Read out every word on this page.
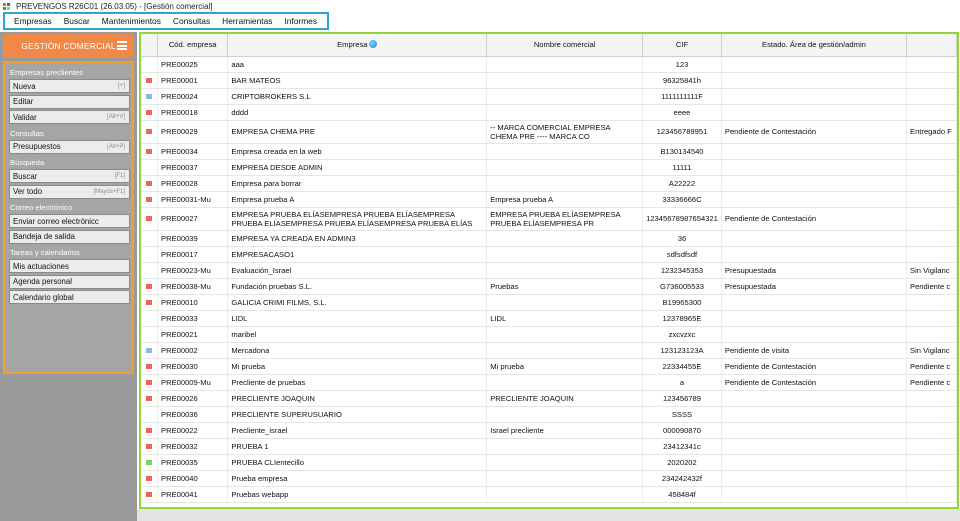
PREVENGOS R26C01 (26.03.05) - [Gestión comercial]
Empresas Buscar Mantenimientos Consultas Herramientas Informes
GESTIÓN COMERCIAL
Empresas preclientes
Nueva	[+]
Editar
Validar	[Alt+V]
Consultas
Presupuestos	[Alt+P]
Búsqueda
Buscar	[F1]
Ver todo	[Mayús+F1]
Correo electrónico
Enviar correo electrónicc
Bandeja de salida
Tareas y calendarios
Mis actuaciones
Agenda personal
Calendario global
	Cód. empresa	Empresa	Nombre comercial	CIF	Estado. Área de gestión/admin	
	PRE00025	aaa		123		
	PRE00001	BAR MATEOS		96325841h		
	PRE00024	CRIPTOBROKERS S.L		1111111111F		
	PRE00018	dddd		eeee		
	PRE00029	EMPRESA CHEMA PRE	-- MARCA COMERCIAL EMPRESA CHEMA PRE ---- MARCA CO	123456789951	Pendiente de Contestación	Entregado F
	PRE00034	Empresa creada en la web		B130134540		
	PRE00037	EMPRESA DESDE ADMIN		11111		
	PRE00028	Empresa para borrar		A22222		
	PRE00031-Mu	Empresa prueba A	Empresa prueba A	33336666C		
	PRE00027	EMPRESA PRUEBA ELÍASEMPRESA PRUEBA ELÍASEMPRESA PRUEBA ELÍASEMPRESA PRUEBA ELÍASEMPRESA PRUEBA ELÍAS	EMPRESA PRUEBA ELÍASEMPRESA PRUEBA ELÍASEMPRESA PR	12345678987654321	Pendiente de Contestación	
	PRE00039	EMPRESA YA CREADA EN ADMIN3		36		
	PRE00017	EMPRESACASO1		sdfsdfsdf		
	PRE00023-Mu	Evaluación_Israel		1232345353	Presupuestada	Sin Vigilanc
	PRE00038-Mu	Fundación pruebas S.L.	Pruebas	G736005533	Presupuestada	Pendiente c
	PRE00010	GALICIA CRIMI FILMS, S.L.		B19965300		
	PRE00033	LIDL	LIDL	12378965E		
	PRE00021	maribel		zxcvzxc		
	PRE00002	Mercadona		123123123A	Pendiente de visita	Sin Vigilanc
	PRE00030	Mi prueba	Mi prueba	22334455E	Pendiente de Contestación	Pendiente c
	PRE00009-Mu	Precliente de pruebas		a	Pendiente de Contestación	Pendiente c
	PRE00026	PRECLIENTE JOAQUIN	PRECLIENTE JOAQUIN	123456789		
	PRE00036	PRECLIENTE SUPERUSUARIO		SSSS		
	PRE00022	Precliente_israel	Israel precliente	000090870		
	PRE00032	PRUEBA 1		23412341c		
	PRE00035	PRUEBA CLIentecillo		2020202		
	PRE00040	Prueba empresa		234242432f		
	PRE00041	Pruebas webapp		458484f		
